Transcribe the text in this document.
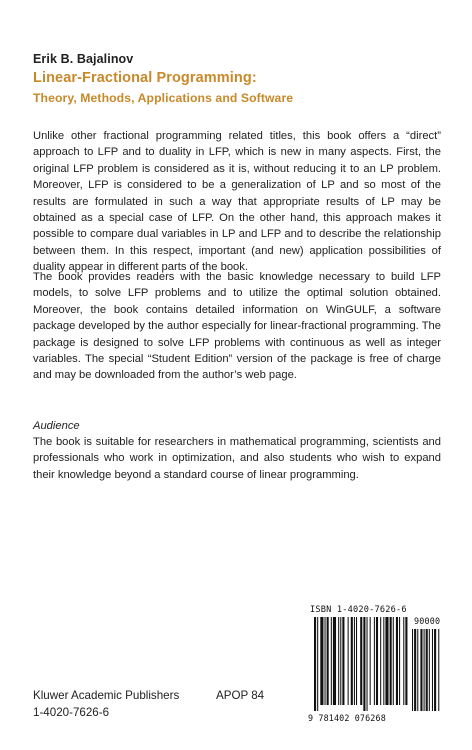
Erik B. Bajalinov
Linear-Fractional Programming:
Theory, Methods, Applications and Software
Unlike other fractional programming related titles, this book offers a “direct” approach to LFP and to duality in LFP, which is new in many aspects. First, the original LFP problem is considered as it is, without reducing it to an LP problem. Moreover, LFP is considered to be a generalization of LP and so most of the results are formulated in such a way that appropriate results of LP may be obtained as a special case of LFP. On the other hand, this approach makes it possible to compare dual variables in LP and LFP and to describe the relationship between them. In this respect, important (and new) application possibilities of duality appear in different parts of the book.
The book provides readers with the basic knowledge necessary to build LFP models, to solve LFP problems and to utilize the optimal solution obtained. Moreover, the book contains detailed information on WinGULF, a software package developed by the author especially for linear-fractional programming. The package is designed to solve LFP problems with continuous as well as integer variables. The special “Student Edition” version of the package is free of charge and may be downloaded from the author’s web page.
Audience
The book is suitable for researchers in mathematical programming, scientists and professionals who work in optimization, and also students who wish to expand their knowledge beyond a standard course of linear programming.
ISBN 1-4020-7626-6
90000
9 781402 076268
Kluwer Academic Publishers	APOP 84
1-4020-7626-6
